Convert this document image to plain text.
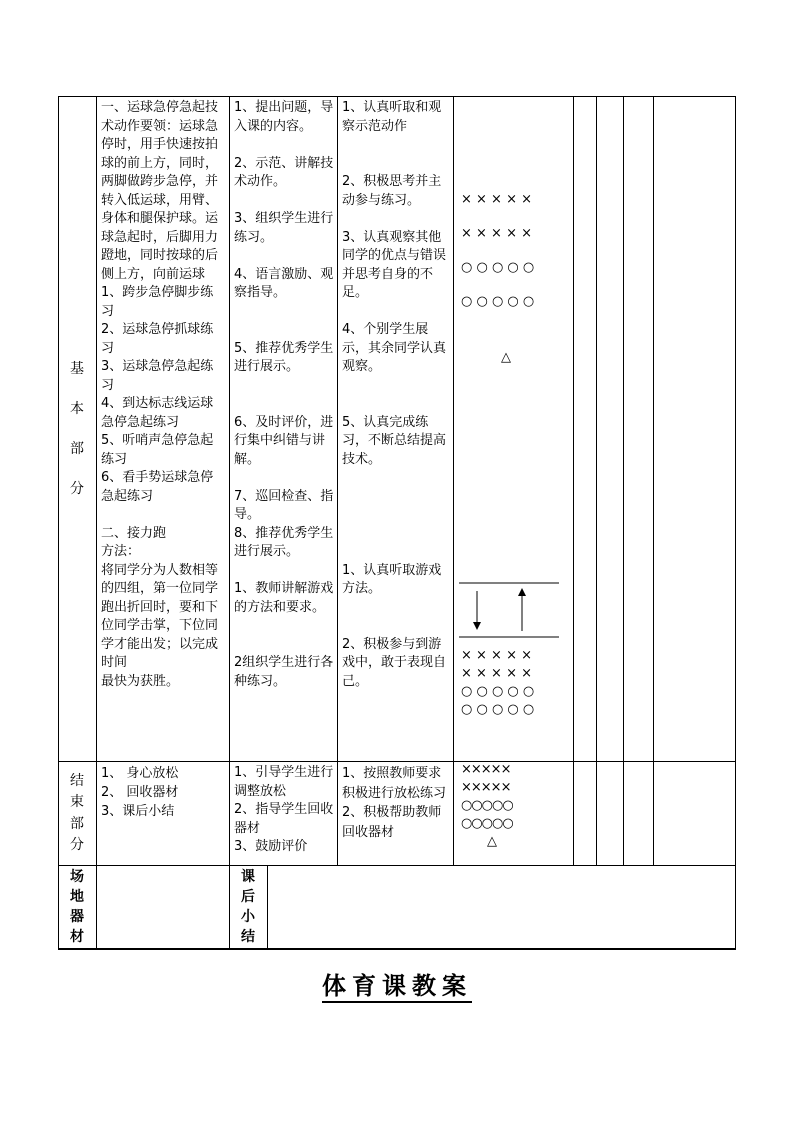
基
本
部
分
一、运球急停急起技术动作要领：运球急停时，用手快速按拍球的前上方，同时，两脚做跨步急停，并转入低运球，用臂、身体和腿保护球。运球急起时，后脚用力蹬地，同时按球的后侧上方，向前运球
1、跨步急停脚步练习
2、运球急停抓球练习
3、运球急停急起练习
4、到达标志线运球急停急起练习
5、听哨声急停急起练习
6、看手势运球急停急起练习

二、接力跑
方法：
将同学分为人数相等的四组，第一位同学跑出折回时，要和下位同学击掌，下位同学才能出发；以完成时间
最快为获胜。
1、提出问题，导入课的内容。

2、示范、讲解技术动作。

3、组织学生进行练习。

4、语言激励、观察指导。

5、推荐优秀学生进行展示。

6、及时评价，进行集中纠错与讲解。

7、巡回检查、指导。
8、推荐优秀学生进行展示。

1、教师讲解游戏的方法和要求。

2组织学生进行各种练习。
1、认真听取和观察示范动作

2、积极思考并主动参与练习。

3、认真观察其他同学的优点与错误并思考自身的不足。

4、个别学生展示，其余同学认真观察。

5、认真完成练习，不断总结提高技术。

1、认真听取游戏方法。

2、积极参与到游戏中，敢于表现自己。
× × × × ×
× × × × ×
○ ○ ○ ○ ○
○ ○ ○ ○ ○
△
× × × × ×
× × × × ×
○ ○ ○ ○ ○
○ ○ ○ ○ ○
结
束
部
分
1、 身心放松
2、 回收器材
3、课后小结
1、引导学生进行调整放松
2、指导学生回收器材
3、鼓励评价
1、按照教师要求积极进行放松练习
2、积极帮助教师回收器材
×××××
×××××
○○○○○
○○○○○
△
场
地
器
材
课
后
小
结
体育课教案
